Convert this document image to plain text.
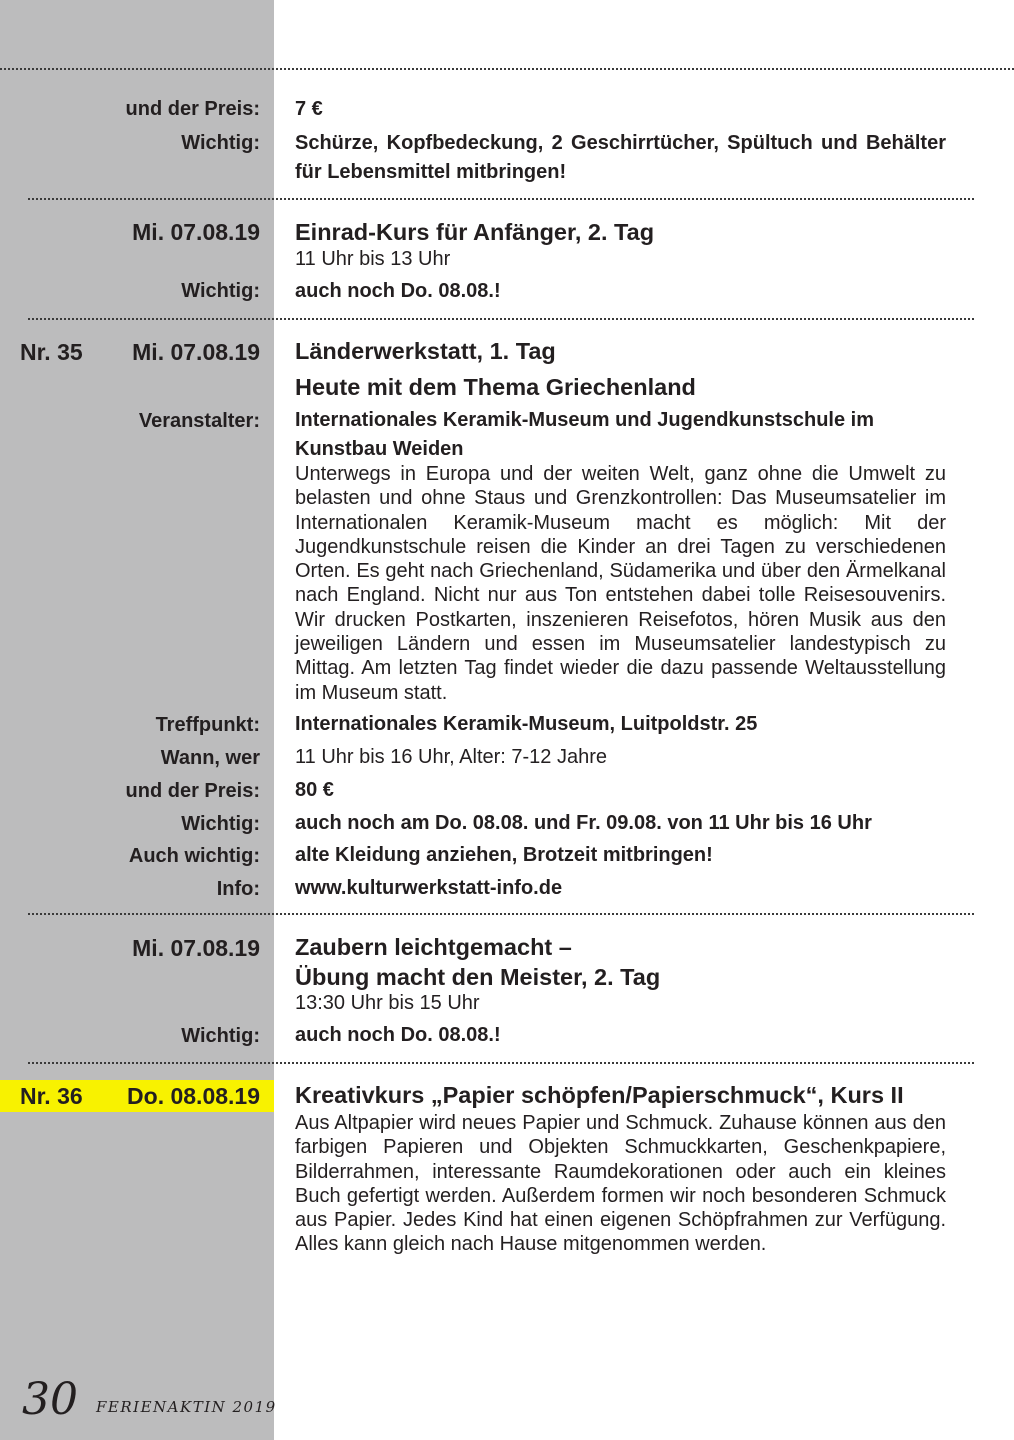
und der Preis: 7 €
Wichtig: Schürze, Kopfbedeckung, 2 Geschirrtücher, Spültuch und Behälter für Lebensmittel mitbringen!
Mi. 07.08.19 Einrad-Kurs für Anfänger, 2. Tag
11 Uhr bis 13 Uhr
Wichtig: auch noch Do. 08.08.!
Nr. 35 Mi. 07.08.19 Länderwerkstatt, 1. Tag
Heute mit dem Thema Griechenland
Veranstalter: Internationales Keramik-Museum und Jugendkunstschule im Kunstbau Weiden
Unterwegs in Europa und der weiten Welt, ganz ohne die Umwelt zu belasten und ohne Staus und Grenzkontrollen: Das Museumsatelier im Internationalen Keramik-Museum macht es möglich: Mit der Jugendkunstschule reisen die Kinder an drei Tagen zu verschiedenen Orten. Es geht nach Griechenland, Südamerika und über den Ärmelkanal nach England. Nicht nur aus Ton entstehen dabei tolle Reisesouvenirs. Wir drucken Postkarten, inszenieren Reisefotos, hören Musik aus den jeweiligen Ländern und essen im Museumsatelier landestypisch zu Mittag. Am letzten Tag findet wieder die dazu passende Weltausstellung im Museum statt.
Treffpunkt: Internationales Keramik-Museum, Luitpoldstr. 25
Wann, wer 11 Uhr bis 16 Uhr, Alter: 7-12 Jahre
und der Preis: 80 €
Wichtig: auch noch am Do. 08.08. und Fr. 09.08. von 11 Uhr bis 16 Uhr
Auch wichtig: alte Kleidung anziehen, Brotzeit mitbringen!
Info: www.kulturwerkstatt-info.de
Mi. 07.08.19 Zaubern leichtgemacht –
Übung macht den Meister, 2. Tag
13:30 Uhr bis 15 Uhr
Wichtig: auch noch Do. 08.08.!
Nr. 36 Do. 08.08.19 Kreativkurs „Papier schöpfen/Papierschmuck“, Kurs II
Aus Altpapier wird neues Papier und Schmuck. Zuhause können aus den farbigen Papieren und Objekten Schmuckkarten, Geschenkpapiere, Bilderrahmen, interessante Raumdekorationen oder auch ein kleines Buch gefertigt werden. Außerdem formen wir noch besonderen Schmuck aus Papier. Jedes Kind hat einen eigenen Schöpfrahmen zur Verfügung. Alles kann gleich nach Hause mitgenommen werden.
30 FERIENAKTIN 2019
